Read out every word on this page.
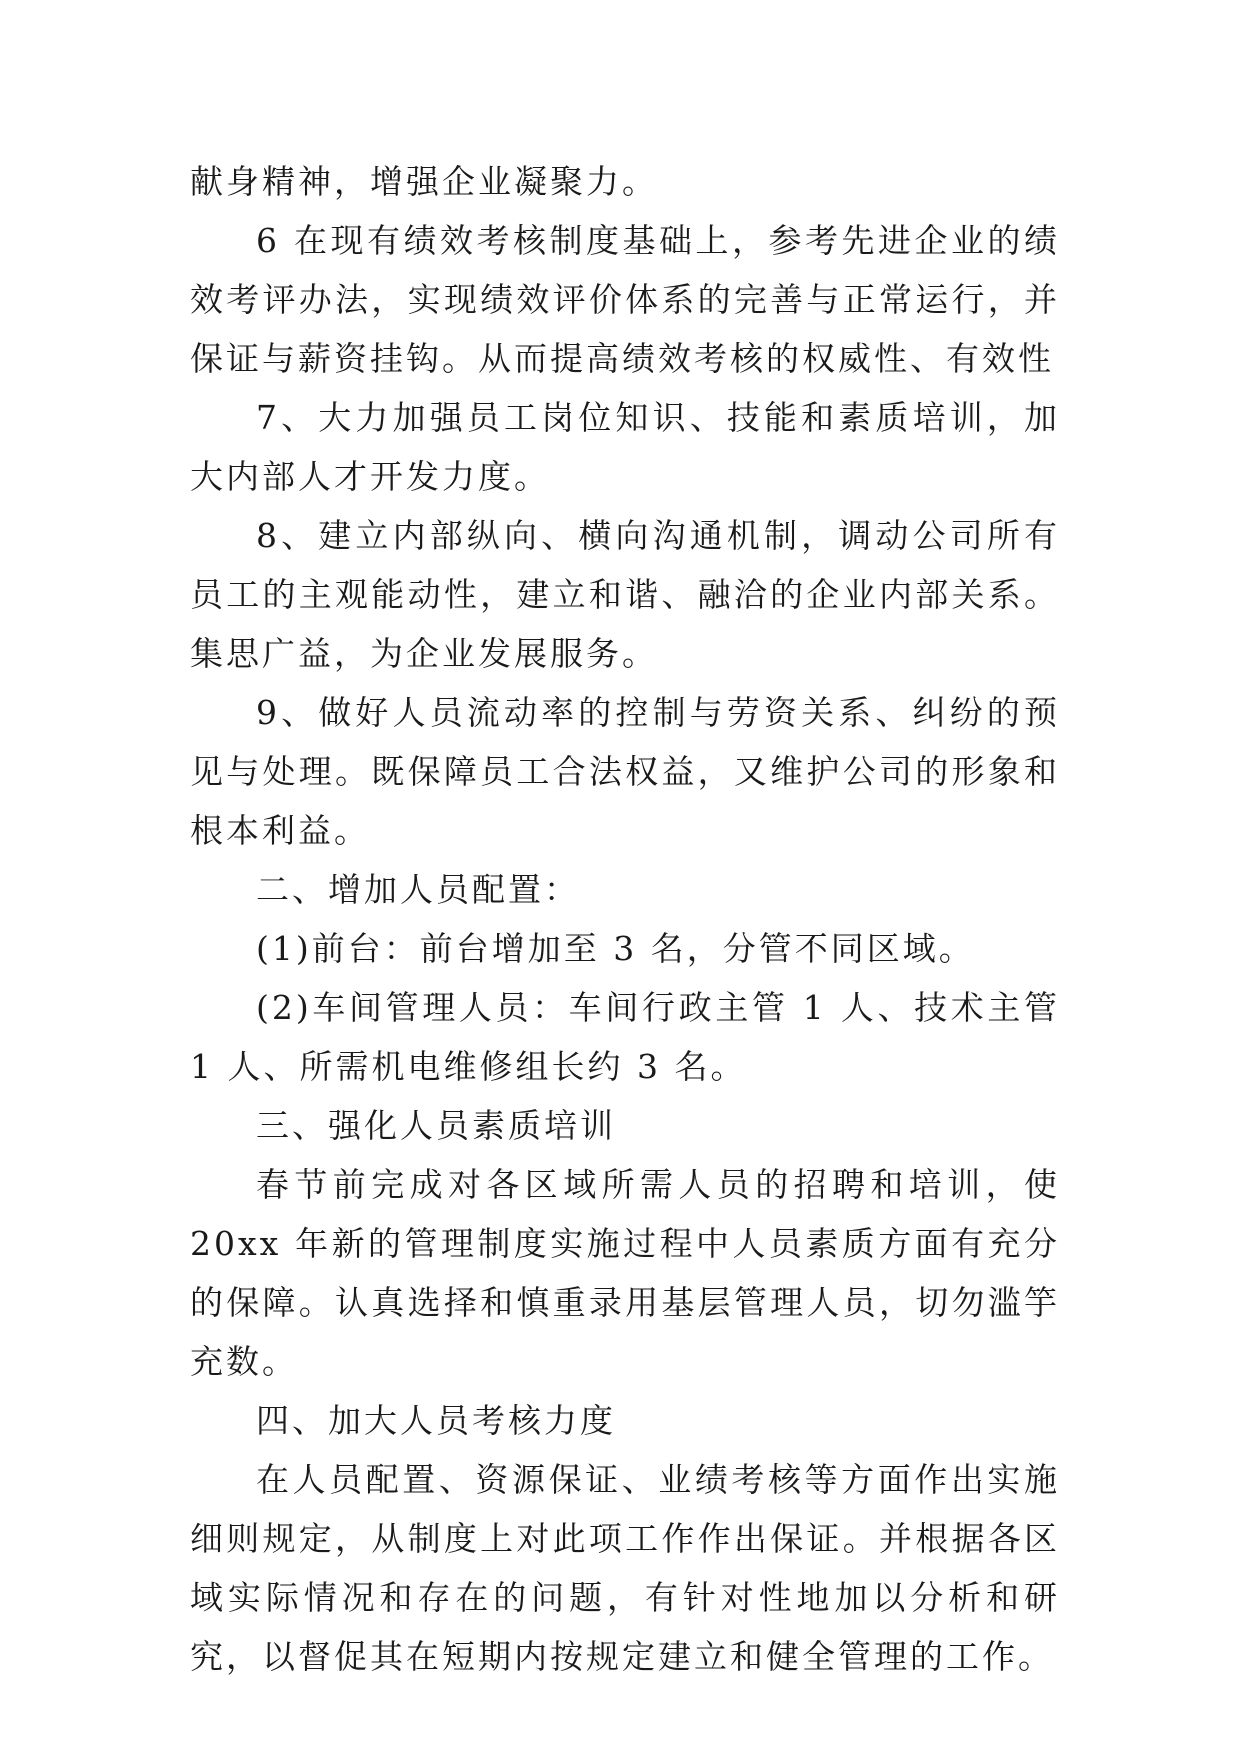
献身精神，增强企业凝聚力。

6 在现有绩效考核制度基础上，参考先进企业的绩效考评办法，实现绩效评价体系的完善与正常运行，并保证与薪资挂钩。从而提高绩效考核的权威性、有效性

7、大力加强员工岗位知识、技能和素质培训，加大内部人才开发力度。

8、建立内部纵向、横向沟通机制，调动公司所有员工的主观能动性，建立和谐、融洽的企业内部关系。集思广益，为企业发展服务。

9、做好人员流动率的控制与劳资关系、纠纷的预见与处理。既保障员工合法权益，又维护公司的形象和根本利益。

二、增加人员配置：

(1)前台：前台增加至 3 名，分管不同区域。

(2)车间管理人员：车间行政主管 1 人、技术主管 1 人、所需机电维修组长约 3 名。

三、强化人员素质培训

春节前完成对各区域所需人员的招聘和培训，使 20xx 年新的管理制度实施过程中人员素质方面有充分的保障。认真选择和慎重录用基层管理人员，切勿滥竽充数。

四、加大人员考核力度

在人员配置、资源保证、业绩考核等方面作出实施细则规定，从制度上对此项工作作出保证。并根据各区域实际情况和存在的问题，有针对性地加以分析和研究，以督促其在短期内按规定建立和健全管理的工作。
